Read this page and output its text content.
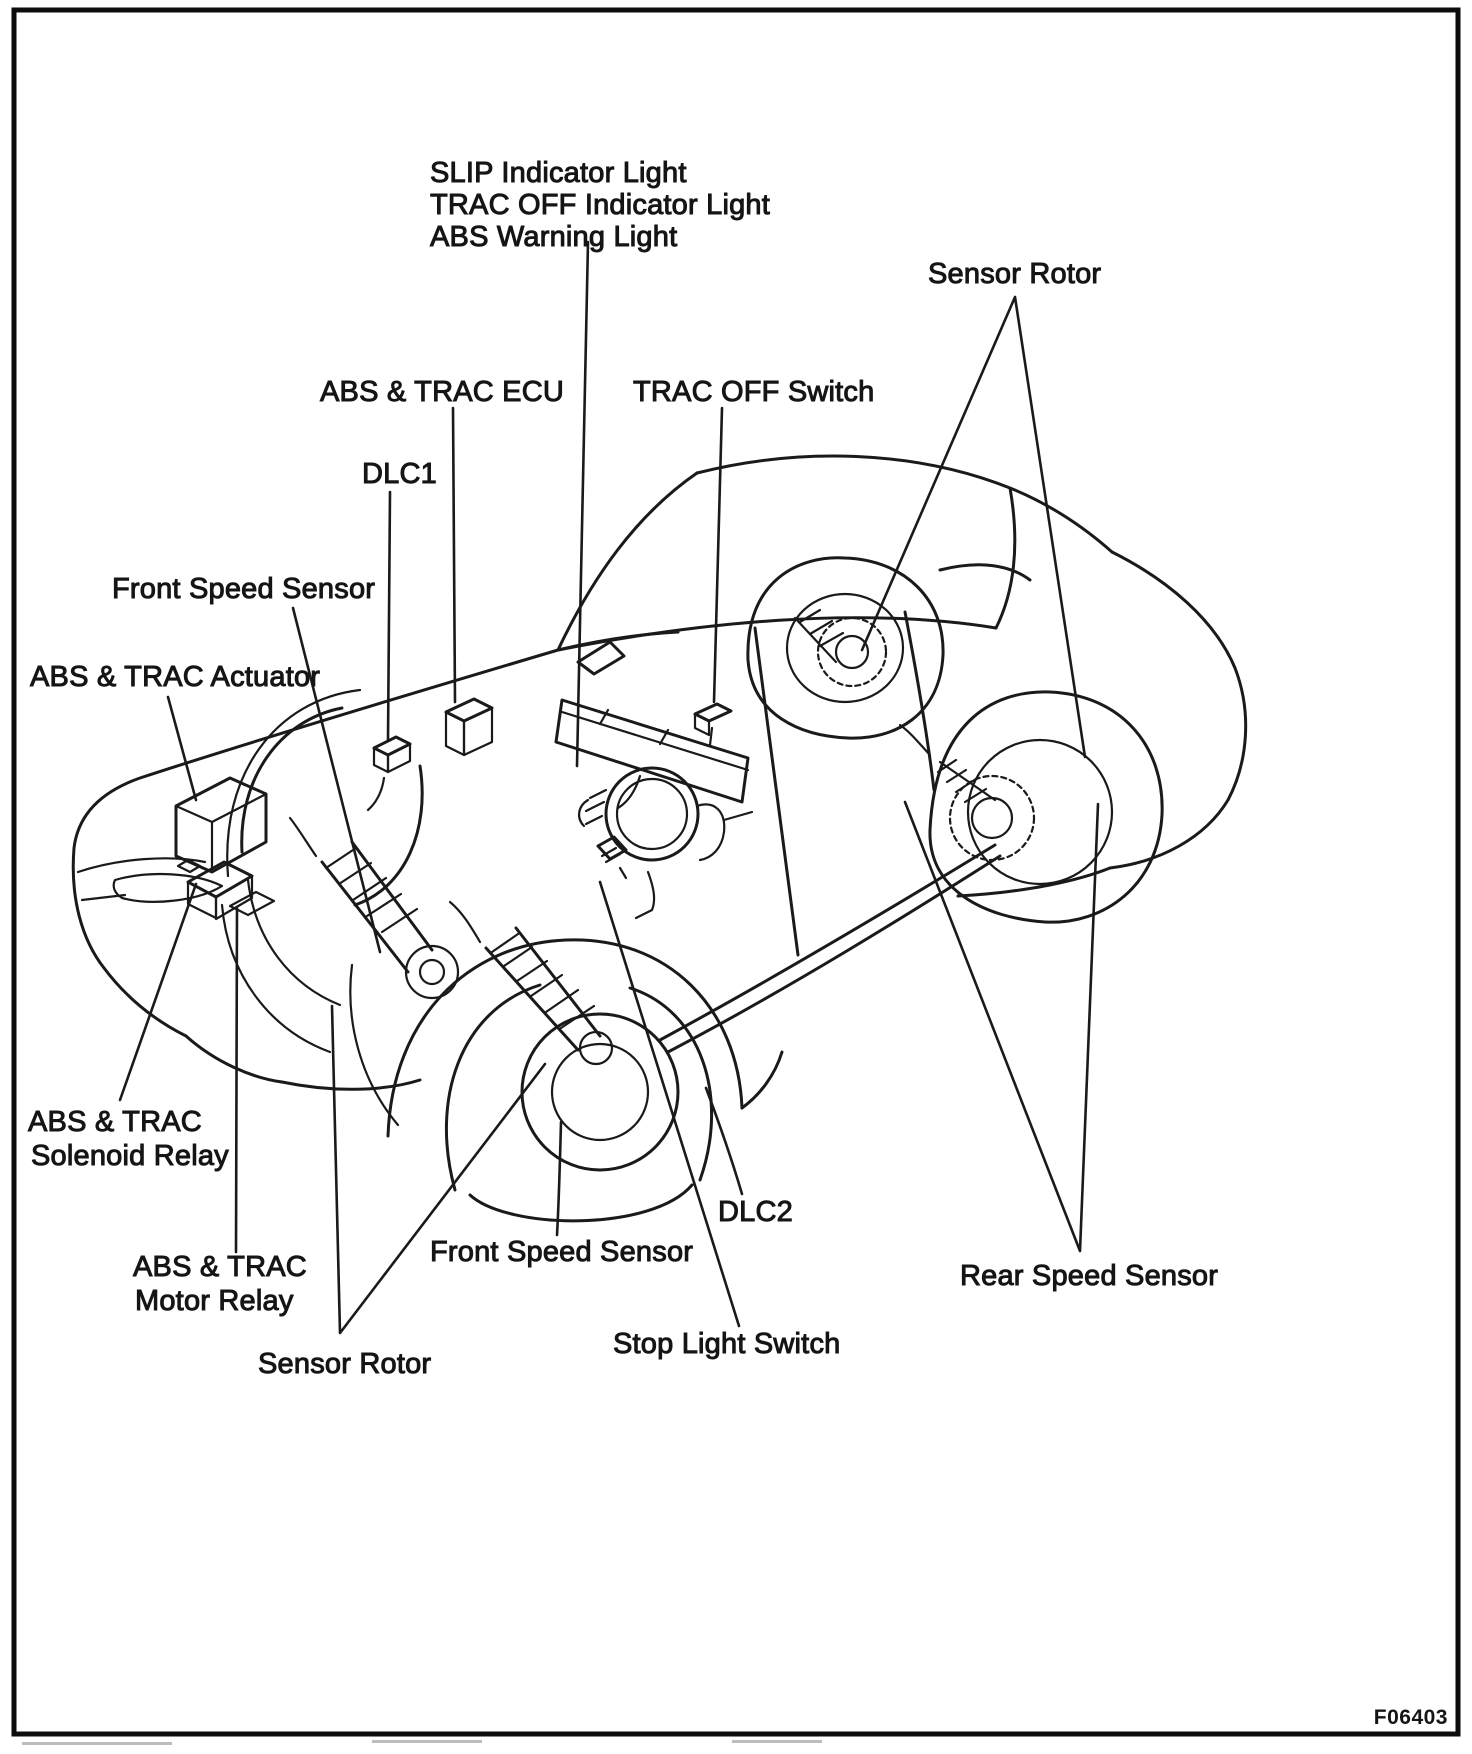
SLIP Indicator Light
TRAC OFF Indicator Light
ABS Warning Light
Sensor Rotor
ABS & TRAC ECU TRAC OFF Switch
DLC1
Front Speed Sensor
ABS & TRAC Actuator
ABS & TRAC
Solenoid Relay
ABS & TRAC
Motor Relay
Sensor Rotor
Front Speed Sensor
DLC2
Stop Light Switch
Rear Speed Sensor
F06403
